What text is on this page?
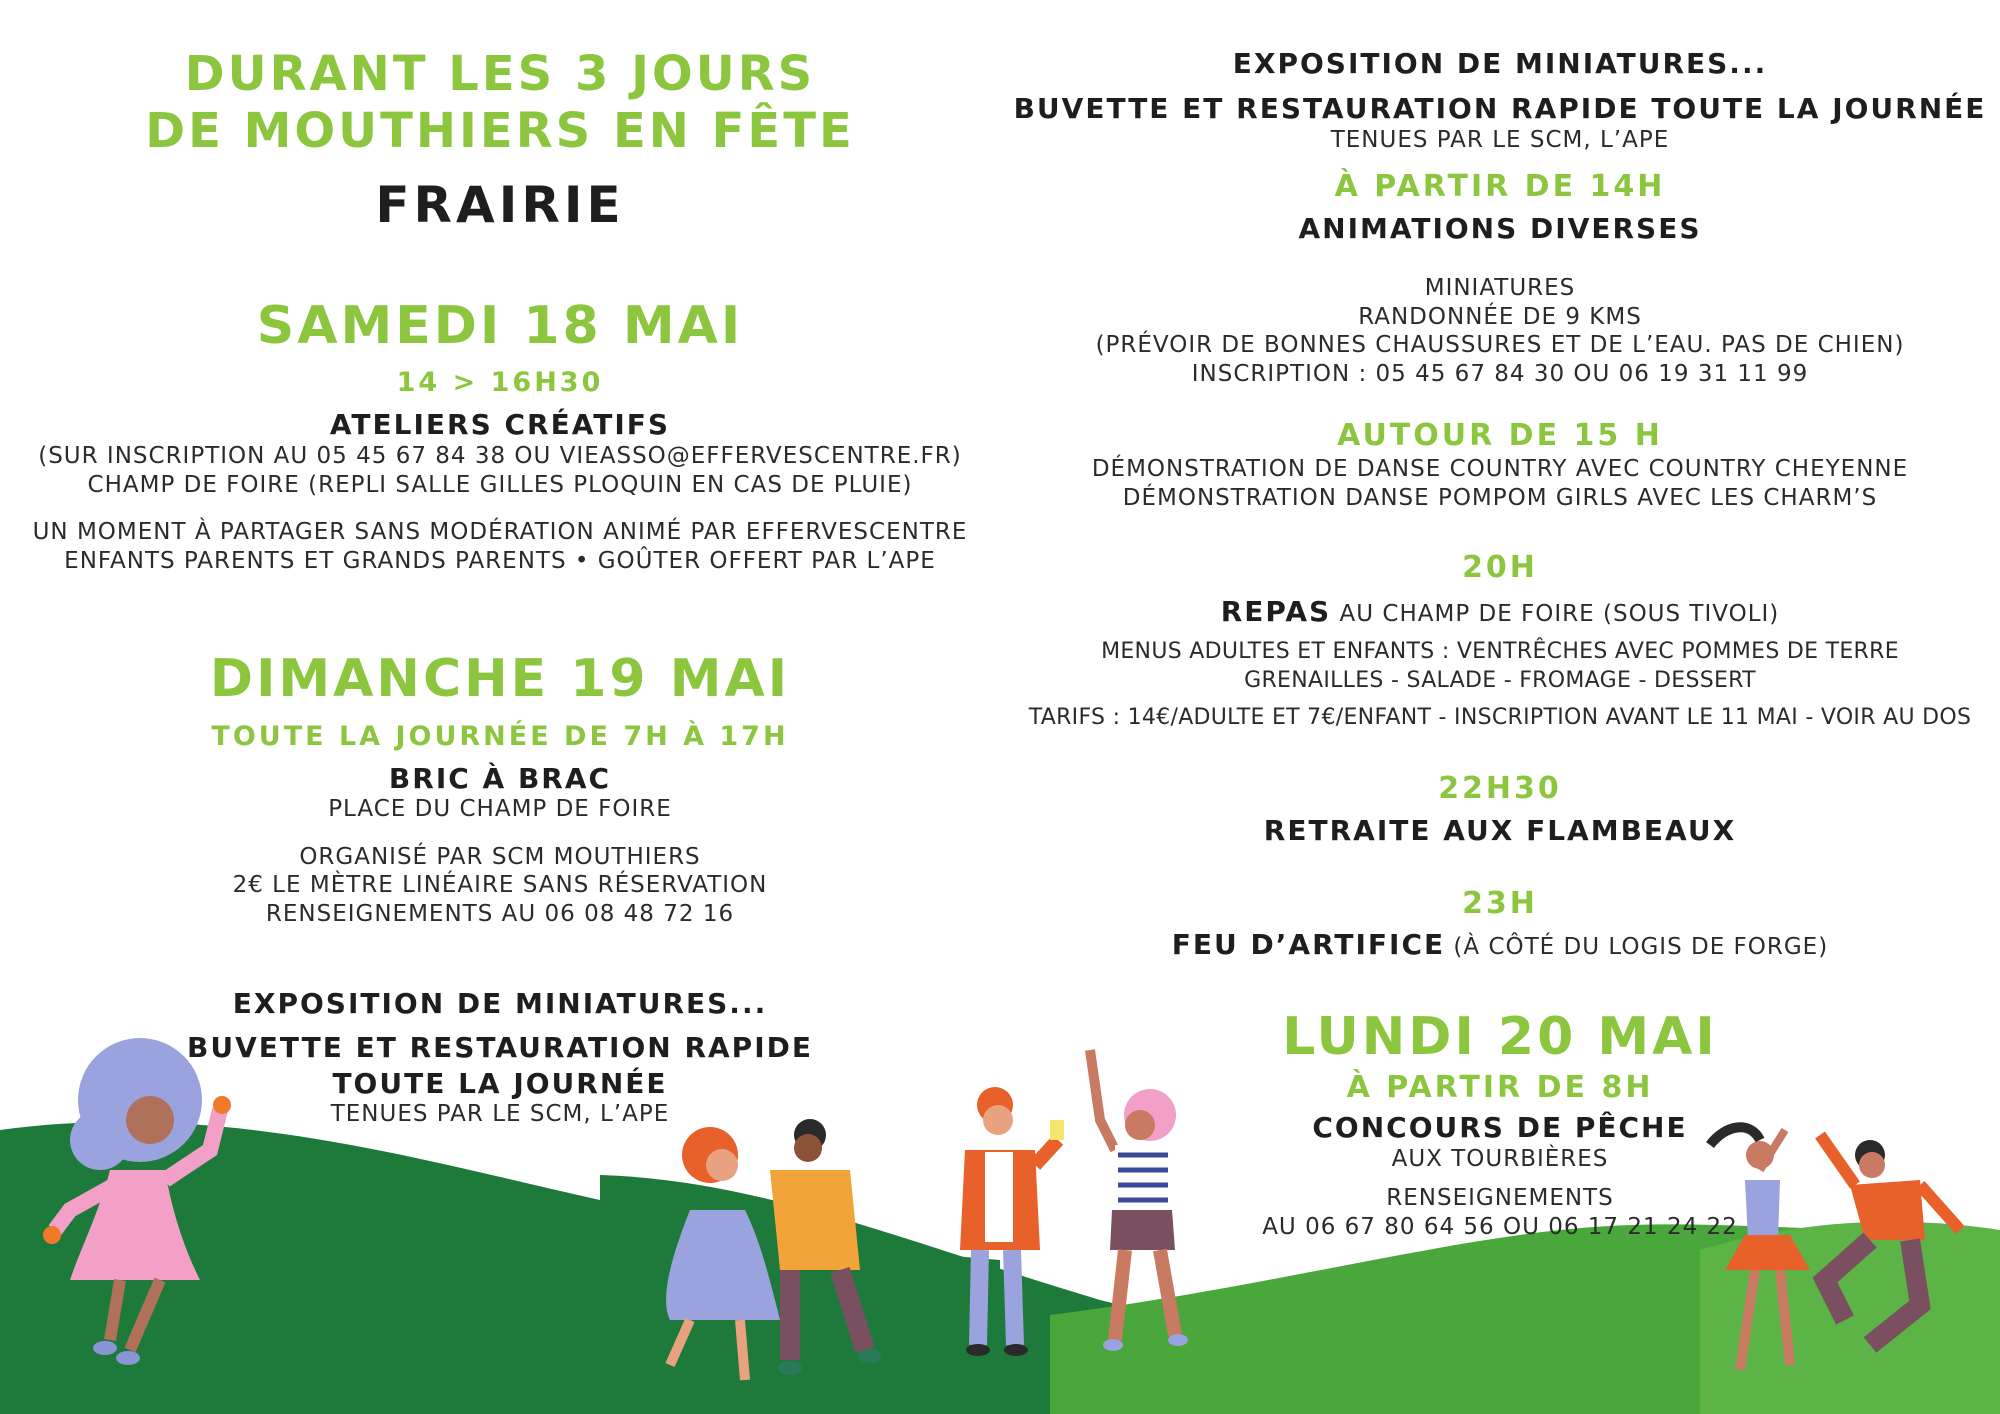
DURANT LES 3 JOURS
DE MOUTHIERS EN FÊTE
FRAIRIE
SAMEDI 18 MAI
14 > 16H30
ATELIERS CRÉATIFS
(SUR INSCRIPTION AU 05 45 67 84 38 OU VIEASSO@EFFERVESCENTRE.FR)
CHAMP DE FOIRE (REPLI SALLE GILLES PLOQUIN EN CAS DE PLUIE)
UN MOMENT À PARTAGER SANS MODÉRATION ANIMÉ PAR EFFERVESCENTRE
ENFANTS PARENTS ET GRANDS PARENTS • GOÛTER OFFERT PAR L’APE
DIMANCHE 19 MAI
TOUTE LA JOURNÉE DE 7H À 17H
BRIC À BRAC
PLACE DU CHAMP DE FOIRE
ORGANISÉ PAR SCM MOUTHIERS
2€ LE MÈTRE LINÉAIRE SANS RÉSERVATION
RENSEIGNEMENTS AU 06 08 48 72 16
EXPOSITION DE MINIATURES...
BUVETTE ET RESTAURATION RAPIDE
TOUTE LA JOURNÉE
TENUES PAR LE SCM, L’APE
EXPOSITION DE MINIATURES...
BUVETTE ET RESTAURATION RAPIDE TOUTE LA JOURNÉE
TENUES PAR LE SCM, L’APE
À PARTIR DE 14H
ANIMATIONS DIVERSES
MINIATURES
RANDONNÉE DE 9 KMS
(PRÉVOIR DE BONNES CHAUSSURES ET DE L’EAU. PAS DE CHIEN)
INSCRIPTION : 05 45 67 84 30 OU 06 19 31 11 99
AUTOUR DE 15 H
DÉMONSTRATION DE DANSE COUNTRY AVEC COUNTRY CHEYENNE
DÉMONSTRATION DANSE POMPOM GIRLS AVEC LES CHARM’S
20H
REPAS AU CHAMP DE FOIRE (SOUS TIVOLI)
MENUS ADULTES ET ENFANTS : VENTRÊCHES AVEC POMMES DE TERRE
GRENAILLES - SALADE - FROMAGE - DESSERT
TARIFS : 14€/ADULTE ET 7€/ENFANT - INSCRIPTION AVANT LE 11 MAI - VOIR AU DOS
22H30
RETRAITE AUX FLAMBEAUX
23H
FEU D’ARTIFICE (À CÔTÉ DU LOGIS DE FORGE)
LUNDI 20 MAI
À PARTIR DE 8H
CONCOURS DE PÊCHE
AUX TOURBIÈRES
RENSEIGNEMENTS
AU 06 67 80 64 56 OU 06 17 21 24 22
